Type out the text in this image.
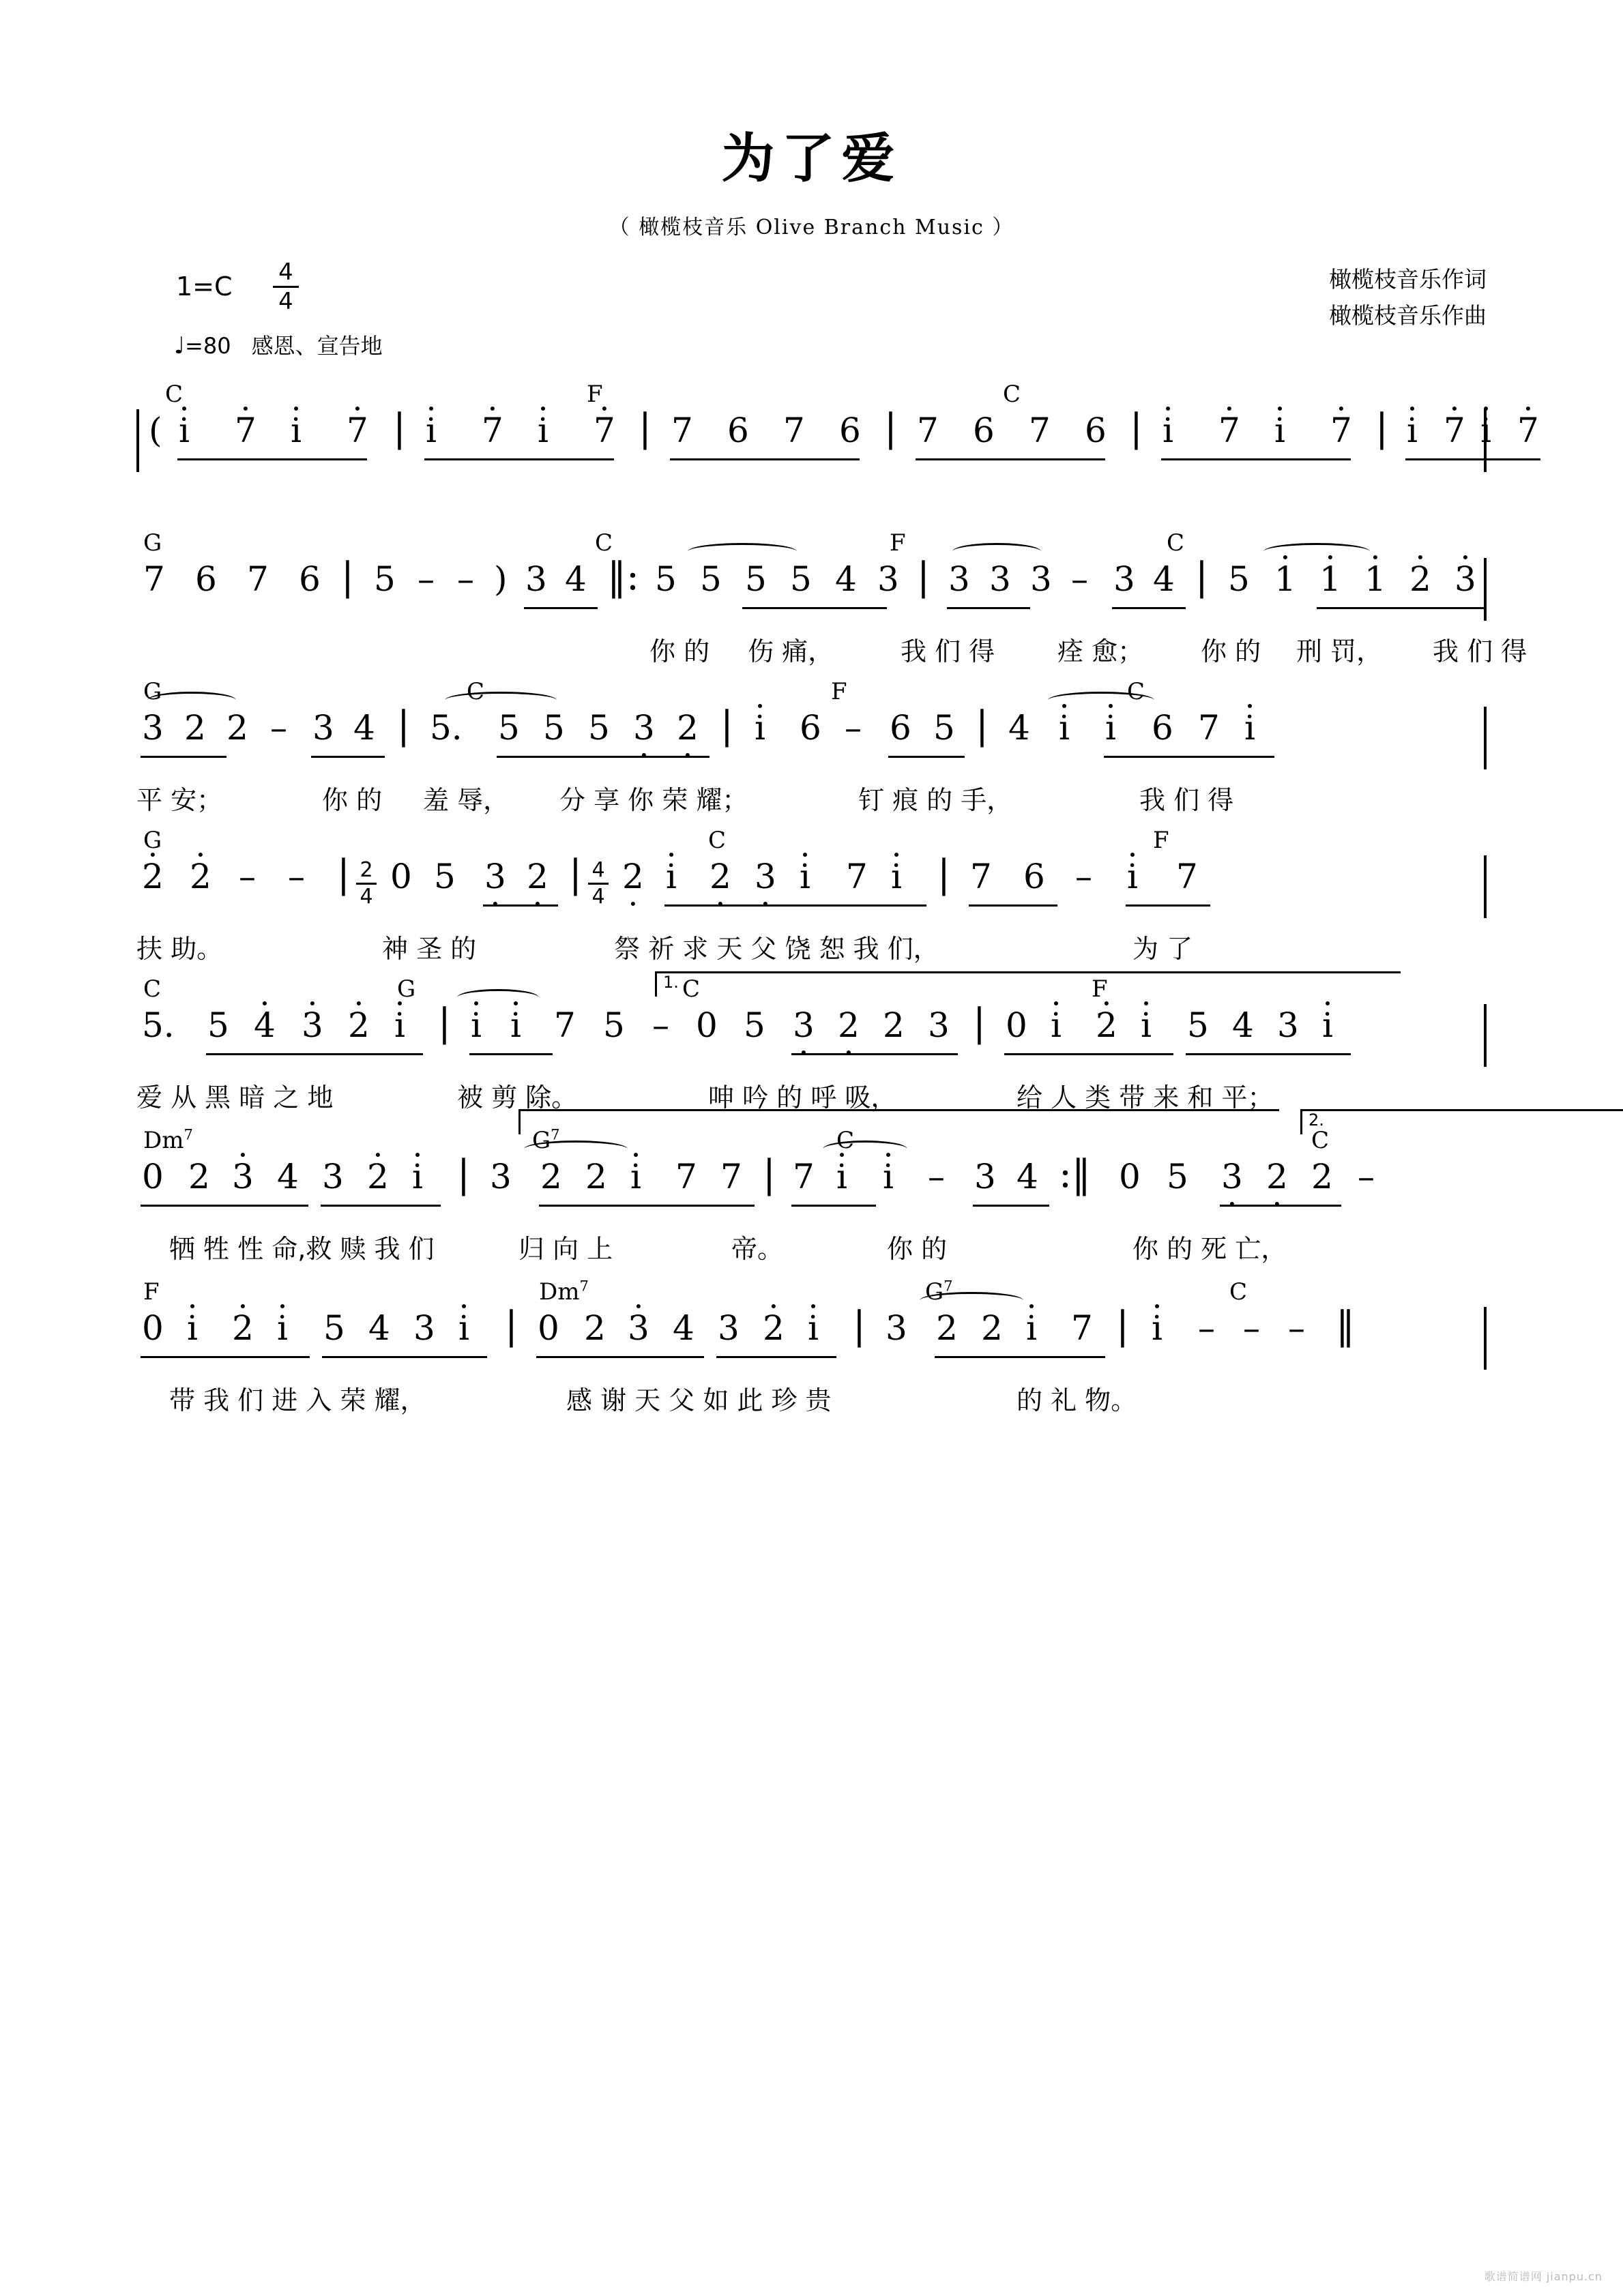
为了爱
（ 橄榄枝音乐 Olive Branch Music ）
1=C 4
4
♩=80 感恩、宣告地
橄榄枝音乐作词
橄榄枝音乐作曲
C	F	C
( · i · 7 · i · 7 | · i · 7 · i · 7 | 7 6 7 6 | 7 6 7 6 | · i · 7 · i · 7 | · i · 7 · i · 7
G	C	F	C
7 6 7 6 | 5 – – ) 3 4 ‖: 5 5 5 5 4 3 | 3 3 3 – 3 4 | 5 · 1 · 1 · 1 · 2 · 3
你 的 伤 痛，	我 们 得 痊 愈； 你 的 刑 罚， 我 们 得
G	C	F	C
3 2 2 – 3 4 | 5. 5 5 5 3 · 2 · | · i 6 – 6 5 | 4 · i · i 6 7 · i
平 安；	你 的 羞 辱， 分 享 你 荣 耀；	钉 痕 的 手，	我 们 得
G	C	F
· 2 · 2 – – | 2
4 0 5 3 · 2 · | 4
4 2 · · i 2 · 3 · · i 7 · i | 7 6 – · i 7
扶 助。	神 圣 的	祭 祈 求 天 父 饶 恕 我 们，	为 了
C	G	C	F
1.
5. 5 · 4 · 3 · 2 · i | · i · i 7 5 – 0 5 3 · 2 · 2 3 | 0 · i · 2 · i 5 4 3 · i
爱 从 黑 暗 之 地	被 剪 除。	呻 吟 的 呼 吸，	给 人 类 带 来 和 平；
Dm$^7$	$G^7$	C	C
2.
0 2 · 3 4 3 · 2 · i | 3 2 2 · i 7 7 | 7 · i · i – 3 4 :‖ 0 5 3 · 2 · 2 –
牺 牲 性 命,救 赎 我 们	归 向 上	帝。	你 的	你 的 死 亡，
F	Dm$^7$	$G^7$	C
0 · i · 2 · i 5 4 3 · i | 0 2 · 3 4 3 · 2 · i | 3 2 2 · i 7 | · i – – – ‖
带 我 们 进 入 荣 耀，	感 谢 天 父 如 此 珍 贵	的 礼 物。
歌谱简谱网 jianpu.cn
